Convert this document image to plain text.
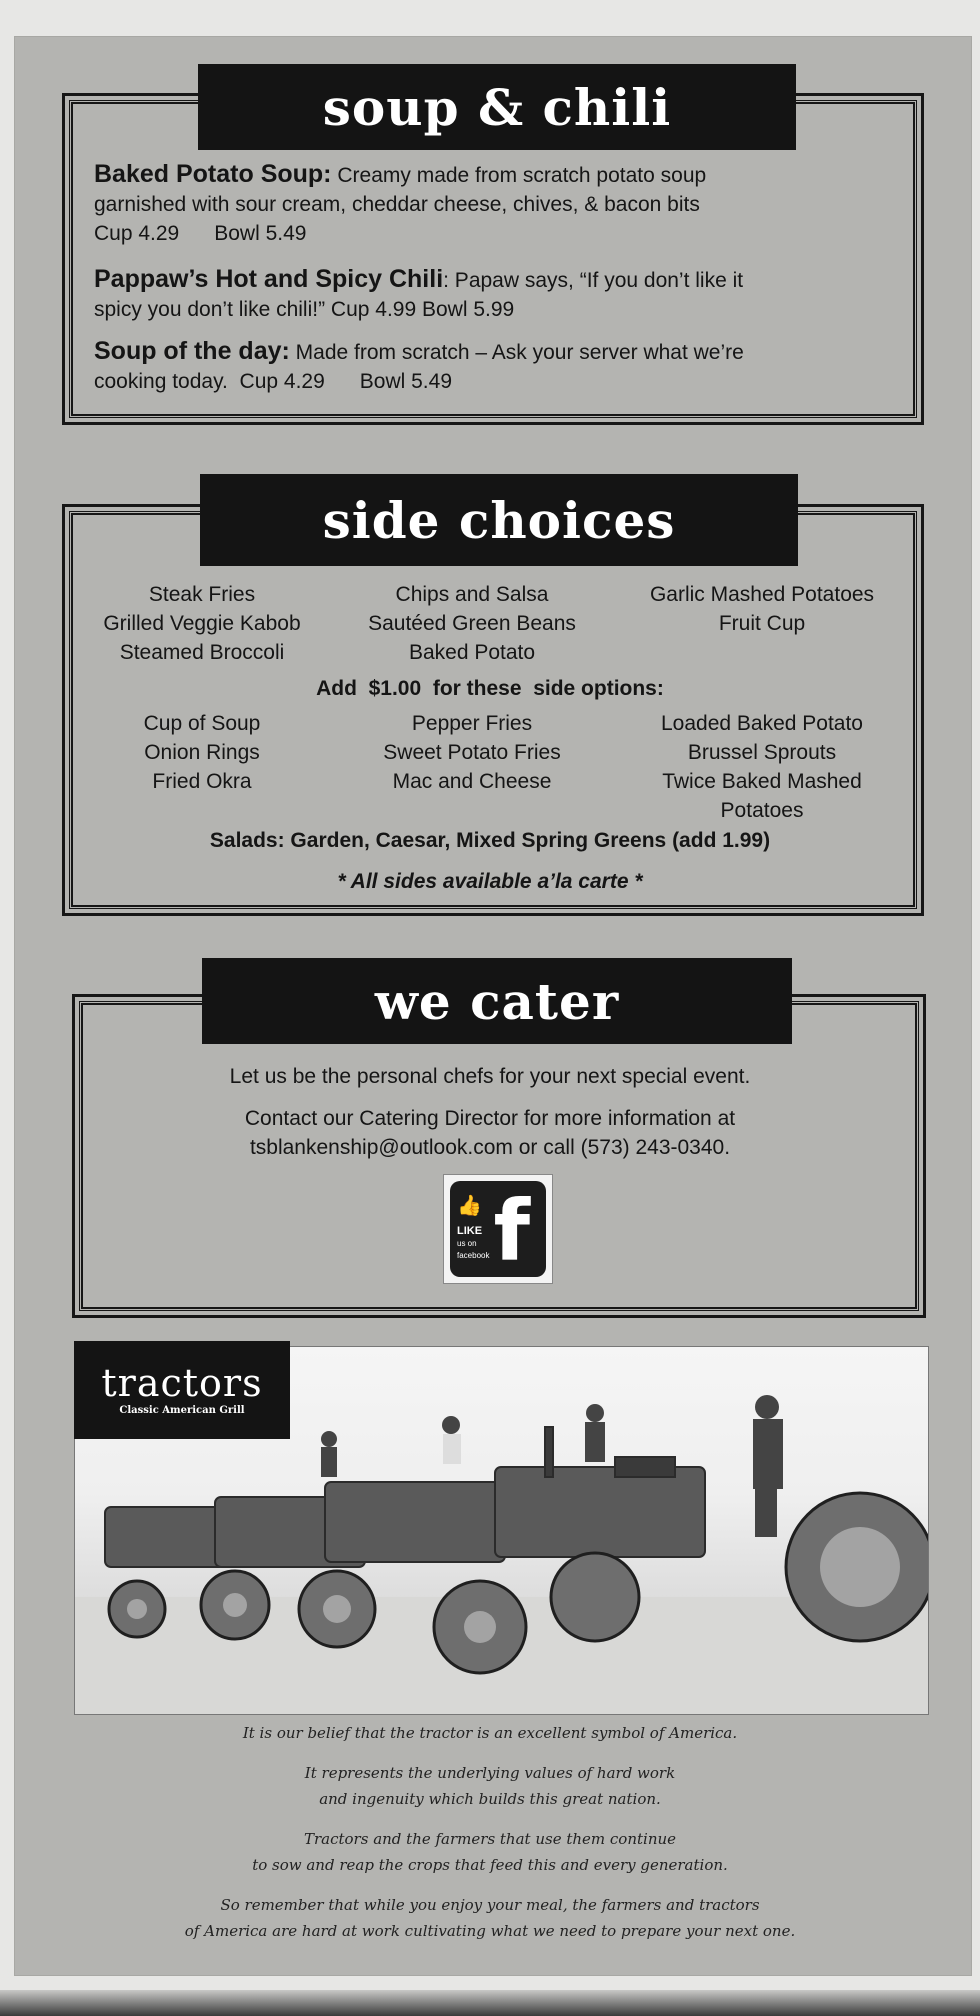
soup & chili
Baked Potato Soup: Creamy made from scratch potato soup
garnished with sour cream, cheddar cheese, chives, & bacon bits
Cup 4.29      Bowl 5.49
Pappaw’s Hot and Spicy Chili: Papaw says, “If you don’t like it
spicy you don’t like chili!” Cup 4.99 Bowl 5.99
Soup of the day: Made from scratch – Ask your server what we’re
cooking today.  Cup 4.29      Bowl 5.49
side choices
Steak Fries
Grilled Veggie Kabob
Steamed Broccoli
Chips and Salsa
Sautéed Green Beans
Baked Potato
Garlic Mashed Potatoes
Fruit Cup
Add  $1.00  for these  side options:
Cup of Soup
Onion Rings
Fried Okra
Pepper Fries
Sweet Potato Fries
Mac and Cheese
Loaded Baked Potato
Brussel Sprouts
Twice Baked Mashed
Potatoes
Salads: Garden, Caesar, Mixed Spring Greens (add 1.99)
* All sides available a’la carte *
we cater
Let us be the personal chefs for your next special event.
Contact our Catering Director for more information at
tsblankenship@outlook.com or call (573) 243-0340.
👍
LIKE
us on
facebook f
tractors
Classic American Grill
It is our belief that the tractor is an excellent symbol of America.
It represents the underlying values of hard work
and ingenuity which builds this great nation.
Tractors and the farmers that use them continue
to sow and reap the crops that feed this and every generation.
So remember that while you enjoy your meal, the farmers and tractors
of America are hard at work cultivating what we need to prepare your next one.
